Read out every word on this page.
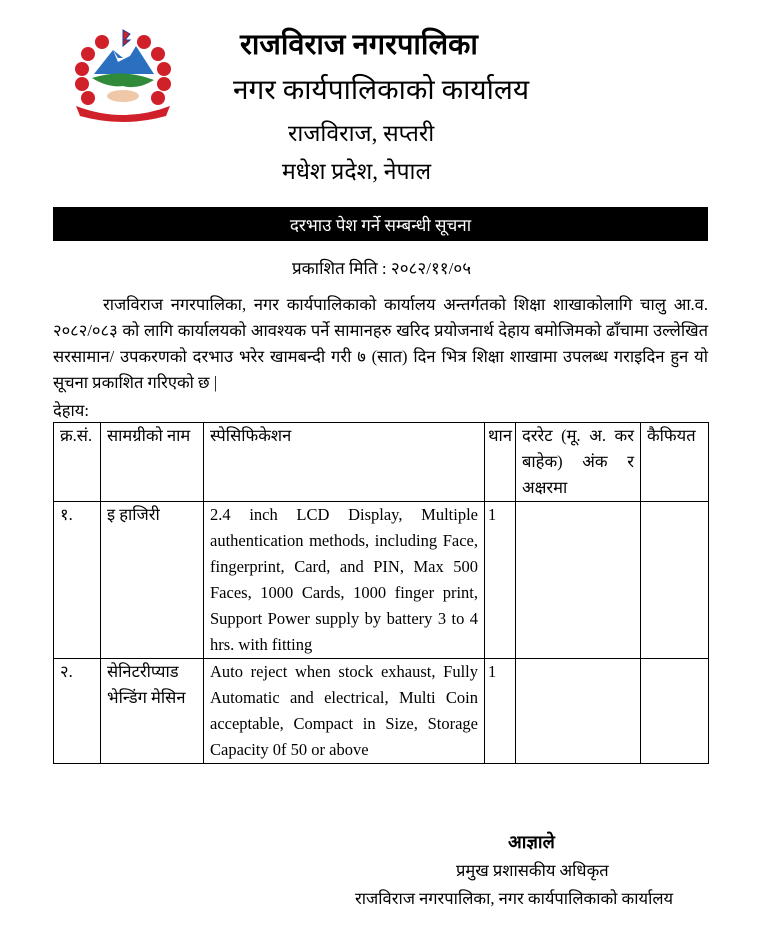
राजविराज नगरपालिका
नगर कार्यपालिकाको कार्यालय
राजविराज, सप्तरी
मधेश प्रदेश, नेपाल
दरभाउ पेश गर्ने सम्बन्धी सूचना
प्रकाशित मिति : २०८२/११/०५

राजविराज नगरपालिका, नगर कार्यपालिकाको कार्यालय अन्तर्गतको शिक्षा शाखाकोलागि चालु आ.व. २०८२/०८३ को लागि कार्यालयको आवश्यक पर्ने सामानहरु खरिद प्रयोजनार्थ देहाय बमोजिमको ढाँचामा उल्लेखित सरसामान/ उपकरणको दरभाउ भरेर खामबन्दी गरी ७ (सात) दिन भित्र शिक्षा शाखामा उपलब्ध गराइदिन हुन यो सूचना प्रकाशित गरिएको छ |

देहाय:
क्र.सं.	सामग्रीको नाम	स्पेसिफिकेशन	थान	दररेट (मू. अ. कर बाहेक) अंक र अक्षरमा	कैफियत
१.	इ हाजिरी	2.4 inch LCD Display, Multiple authentication methods, including Face, fingerprint, Card, and PIN, Max 500 Faces, 1000 Cards, 1000 finger print, Support Power supply by battery 3 to 4 hrs. with fitting	1		
२.	सेनिटरीप्याड भेन्डिंग मेसिन	Auto reject when stock exhaust, Fully Automatic and electrical, Multi Coin acceptable, Compact in Size, Storage Capacity 0f 50 or above	1		
आज्ञाले
प्रमुख प्रशासकीय अधिकृत
राजविराज नगरपालिका, नगर कार्यपालिकाको कार्यालय
